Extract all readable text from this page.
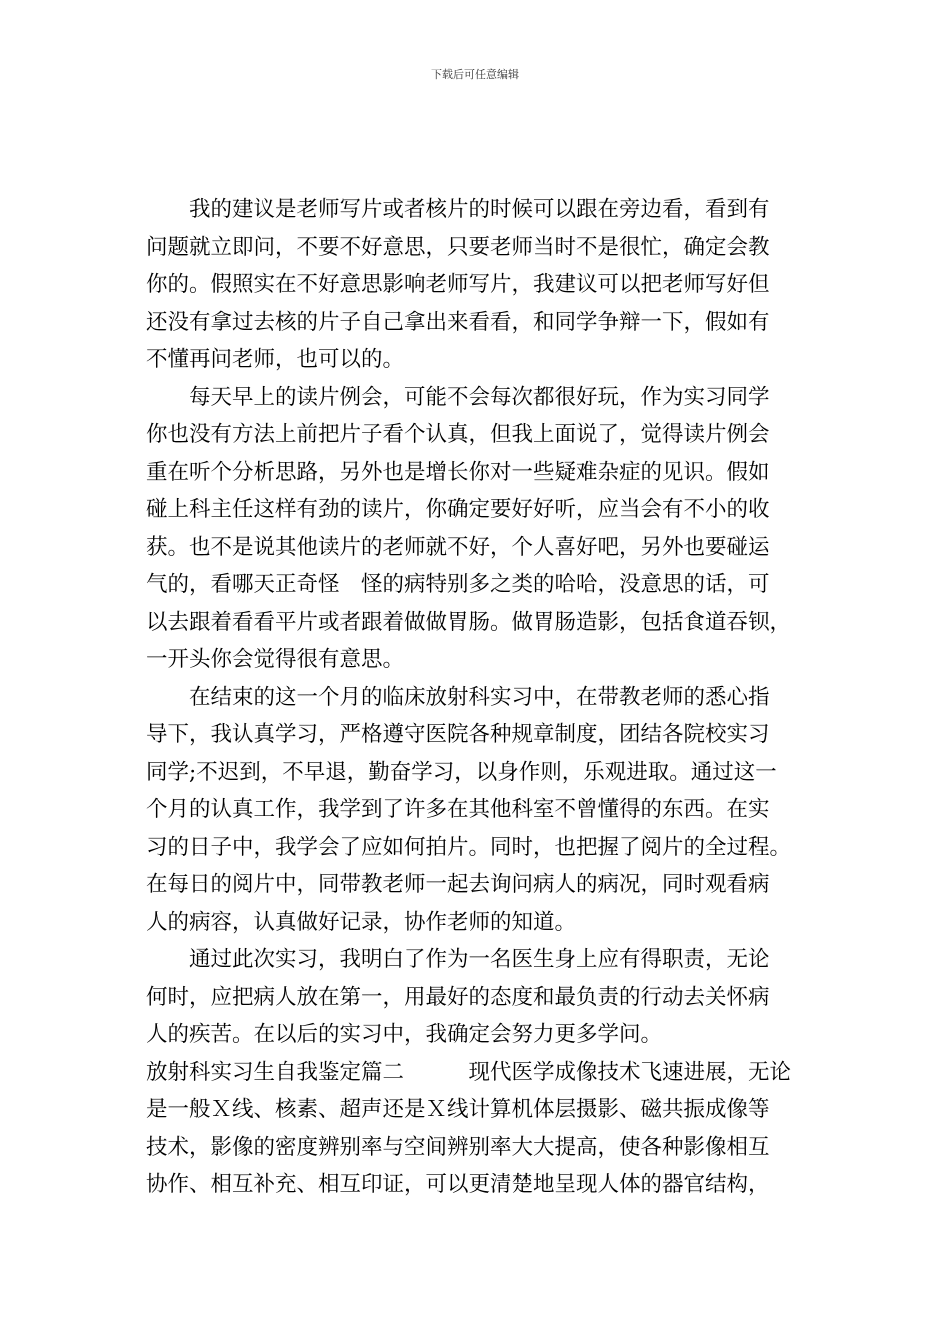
下载后可任意编辑
　　我的建议是老师写片或者核片的时候可以跟在旁边看，看到有
问题就立即问，不要不好意思，只要老师当时不是很忙，确定会教
你的。假照实在不好意思影响老师写片，我建议可以把老师写好但
还没有拿过去核的片子自己拿出来看看，和同学争辩一下，假如有
不懂再问老师，也可以的。
　　每天早上的读片例会，可能不会每次都很好玩，作为实习同学
你也没有方法上前把片子看个认真，但我上面说了，觉得读片例会
重在听个分析思路，另外也是增长你对一些疑难杂症的见识。假如
碰上科主任这样有劲的读片，你确定要好好听，应当会有不小的收
获。也不是说其他读片的老师就不好，个人喜好吧，另外也要碰运
气的，看哪天正奇怪　怪的病特别多之类的哈哈，没意思的话，可
以去跟着看看平片或者跟着做做胃肠。做胃肠造影，包括食道吞钡，
一开头你会觉得很有意思。
　　在结束的这一个月的临床放射科实习中，在带教老师的悉心指
导下，我认真学习，严格遵守医院各种规章制度，团结各院校实习
同学;不迟到，不早退，勤奋学习，以身作则，乐观进取。通过这一
个月的认真工作，我学到了许多在其他科室不曾懂得的东西。在实
习的日子中，我学会了应如何拍片。同时，也把握了阅片的全过程。
在每日的阅片中，同带教老师一起去询问病人的病况，同时观看病
人的病容，认真做好记录，协作老师的知道。
　　通过此次实习，我明白了作为一名医生身上应有得职责，无论
何时，应把病人放在第一，用最好的态度和最负责的行动去关怀病
人的疾苦。在以后的实习中，我确定会努力更多学问。
放射科实习生自我鉴定篇二　　　现代医学成像技术飞速进展，无论
是一般Ｘ线、核素、超声还是Ｘ线计算机体层摄影、磁共振成像等
技术，影像的密度辨别率与空间辨别率大大提高，使各种影像相互
协作、相互补充、相互印证，可以更清楚地呈现人体的器官结构，
